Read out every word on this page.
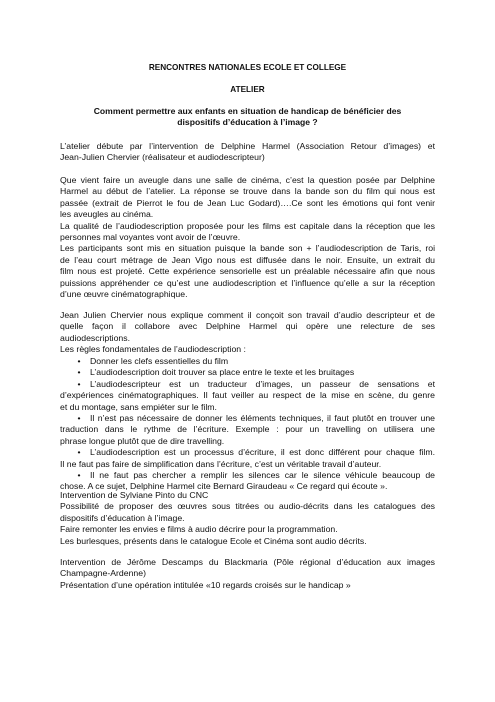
RENCONTRES NATIONALES ECOLE ET COLLEGE
ATELIER
Comment permettre aux enfants en situation de handicap de bénéficier des
dispositifs d’éducation à l’image ?
L’atelier débute par l’intervention de Delphine Harmel (Association Retour d’images) et
Jean-Julien Chervier (réalisateur et audiodescripteur)
Que vient faire un aveugle dans une salle de cinéma, c’est la question posée par Delphine
Harmel au début de l’atelier. La réponse se trouve dans la bande son du film qui nous est
passée (extrait de Pierrot le fou de Jean Luc Godard)….Ce sont les émotions qui font venir
les aveugles au cinéma.
La qualité de l’audiodescription proposée pour les films est capitale dans la réception que les
personnes mal voyantes vont avoir de l’œuvre.
Les participants sont mis en situation puisque la bande son + l’audiodescription de Taris, roi
de l’eau court métrage de Jean Vigo nous est diffusée dans le noir. Ensuite, un extrait du
film nous est projeté. Cette expérience sensorielle est un préalable nécessaire afin que nous
puissions appréhender ce qu’est une audiodescription et l’influence qu’elle a sur la réception
d’une œuvre cinématographique.
Jean Julien Chervier nous explique comment il conçoit son travail d’audio descripteur et de
quelle façon il collabore avec Delphine Harmel qui opère une relecture de ses
audiodescriptions.
Les règles fondamentales de l’audiodescription :
•	Donner les clefs essentielles du film
•	L’audiodescription doit trouver sa place entre le texte et les bruitages
•	L’audiodescripteur est un traducteur d’images, un passeur de sensations et
d’expériences cinématographiques. Il faut veiller au respect de la mise en scène, du genre
et du montage, sans empiéter sur le film.
•	Il n’est pas nécessaire de donner les éléments techniques, il faut plutôt en trouver une
traduction dans le rythme de l’écriture. Exemple : pour un travelling on utilisera une
phrase longue plutôt que de dire travelling.
•	L’audiodescription est un processus d’écriture, il est donc différent pour chaque film.
Il ne faut pas faire de simplification dans l’écriture, c’est un véritable travail d’auteur.
•	Il ne faut pas chercher a remplir les silences car le silence véhicule beaucoup de
chose. A ce sujet, Delphine Harmel cite Bernard Giraudeau « Ce regard qui écoute ».
Intervention de Sylviane Pinto du CNC
Possibilité de proposer des œuvres sous titrées ou audio-décrits dans les catalogues des
dispositifs d’éducation à l’image.
Faire remonter les envies e films à audio décrire pour la programmation.
Les burlesques, présents dans le catalogue Ecole et Cinéma sont audio décrits.
Intervention de Jérôme Descamps du Blackmaria (Pôle régional d’éducation aux images
Champagne-Ardenne)
Présentation d’une opération intitulée «10 regards croisés sur le handicap »
